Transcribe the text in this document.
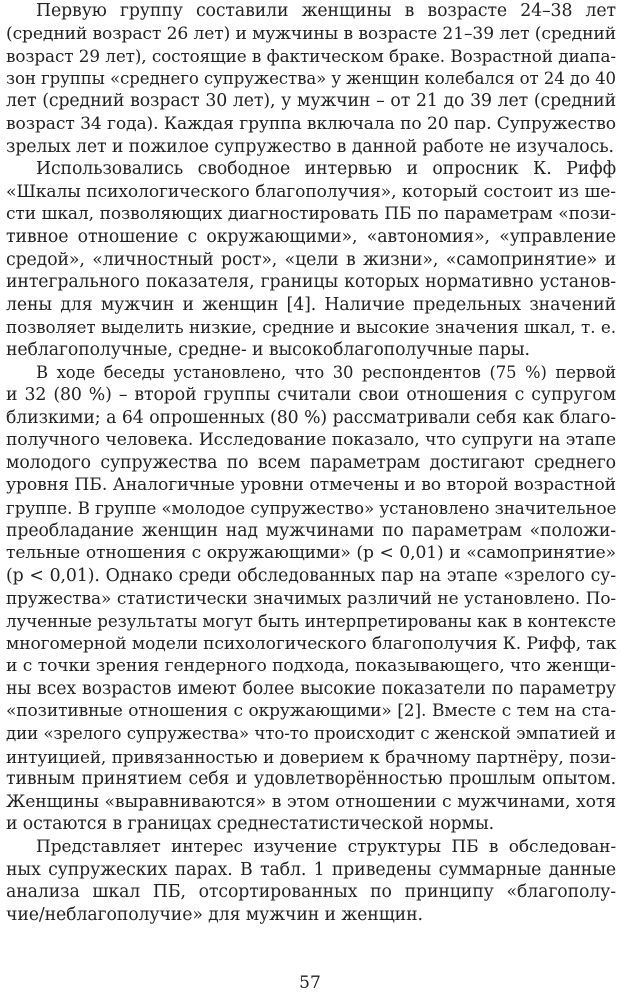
Первую группу составили женщины в возрасте 24–38 лет
(средний возраст 26 лет) и мужчины в возрасте 21–39 лет (средний
возраст 29 лет), состоящие в фактическом браке. Возрастной диапа-
зон группы «среднего супружества» у женщин колебался от 24 до 40
лет (средний возраст 30 лет), у мужчин – от 21 до 39 лет (средний
возраст 34 года). Каждая группа включала по 20 пар. Супружество
зрелых лет и пожилое супружество в данной работе не изучалось.
Использовались свободное интервью и опросник К. Рифф
«Шкалы психологического благополучия», который состоит из ше-
сти шкал, позволяющих диагностировать ПБ по параметрам «пози-
тивное отношение с окружающими», «автономия», «управление
средой», «личностный рост», «цели в жизни», «самопринятие» и
интегрального показателя, границы которых нормативно установ-
лены для мужчин и женщин [4]. Наличие предельных значений
позволяет выделить низкие, средние и высокие значения шкал, т. е.
неблагополучные, средне- и высокоблагополучные пары.
В ходе беседы установлено, что 30 респондентов (75 %) первой
и 32 (80 %) – второй группы считали свои отношения с супругом
близкими; а 64 опрошенных (80 %) рассматривали себя как благо-
получного человека. Исследование показало, что супруги на этапе
молодого супружества по всем параметрам достигают среднего
уровня ПБ. Аналогичные уровни отмечены и во второй возрастной
группе. В группе «молодое супружество» установлено значительное
преобладание женщин над мужчинами по параметрам «положи-
тельные отношения с окружающими» (p < 0,01) и «самопринятие»
(p < 0,01). Однако среди обследованных пар на этапе «зрелого су-
пружества» статистически значимых различий не установлено. По-
лученные результаты могут быть интерпретированы как в контексте
многомерной модели психологического благополучия К. Рифф, так
и с точки зрения гендерного подхода, показывающего, что женщи-
ны всех возрастов имеют более высокие показатели по параметру
«позитивные отношения с окружающими» [2]. Вместе с тем на ста-
дии «зрелого супружества» что-то происходит с женской эмпатией и
интуицией, привязанностью и доверием к брачному партнёру, пози-
тивным принятием себя и удовлетворённостью прошлым опытом.
Женщины «выравниваются» в этом отношении с мужчинами, хотя
и остаются в границах среднестатистической нормы.
Представляет интерес изучение структуры ПБ в обследован-
ных супружеских парах. В табл. 1 приведены суммарные данные
анализа шкал ПБ, отсортированных по принципу «благополу-
чие/неблагополучие» для мужчин и женщин.
57
